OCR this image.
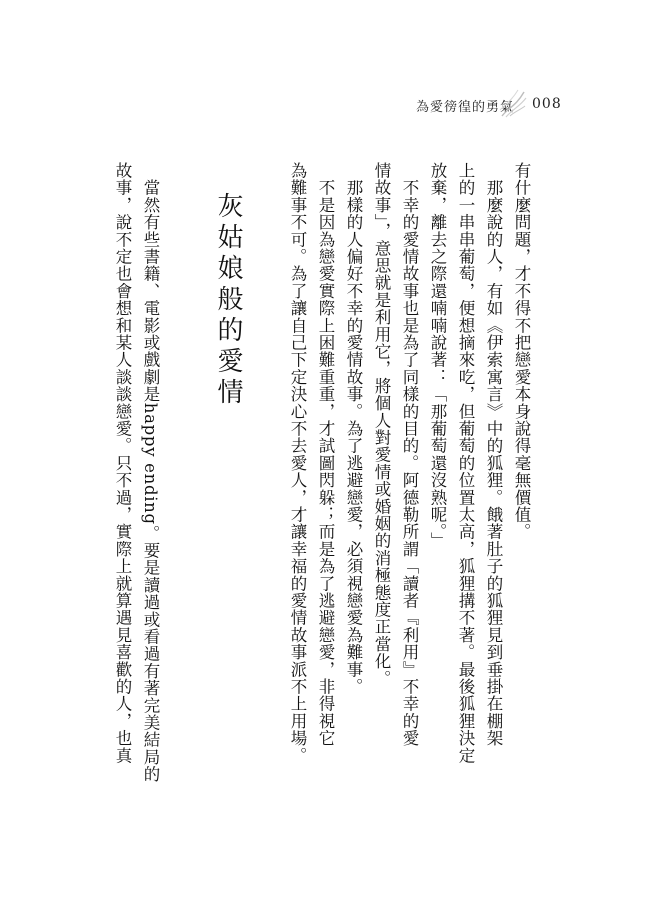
為愛徬徨的勇氣 008
有什麼問題，才不得不把戀愛本身說得毫無價值。
　那麼說的人，有如《伊索寓言》中的狐狸。餓著肚子的狐狸見到垂掛在棚架
上的一串串葡萄，便想摘來吃，但葡萄的位置太高，狐狸搆不著。最後狐狸決定
放棄，離去之際還喃喃說著：「那葡萄還沒熟呢。」
　不幸的愛情故事也是為了同樣的目的。阿德勒所謂「讀者『利用』不幸的愛
情故事」，意思就是利用它，將個人對愛情或婚姻的消極態度正當化。
　那樣的人偏好不幸的愛情故事。為了逃避戀愛，必須視戀愛為難事。
　不是因為戀愛實際上困難重重，才試圖閃躲；而是為了逃避戀愛，非得視它
為難事不可。為了讓自己下定決心不去愛人，才讓幸福的愛情故事派不上用場。
灰姑娘般的愛情
　當然有些書籍、電影或戲劇是happy ending。要是讀過或看過有著完美結局的
故事，說不定也會想和某人談談戀愛。只不過，實際上就算遇見喜歡的人，也真
